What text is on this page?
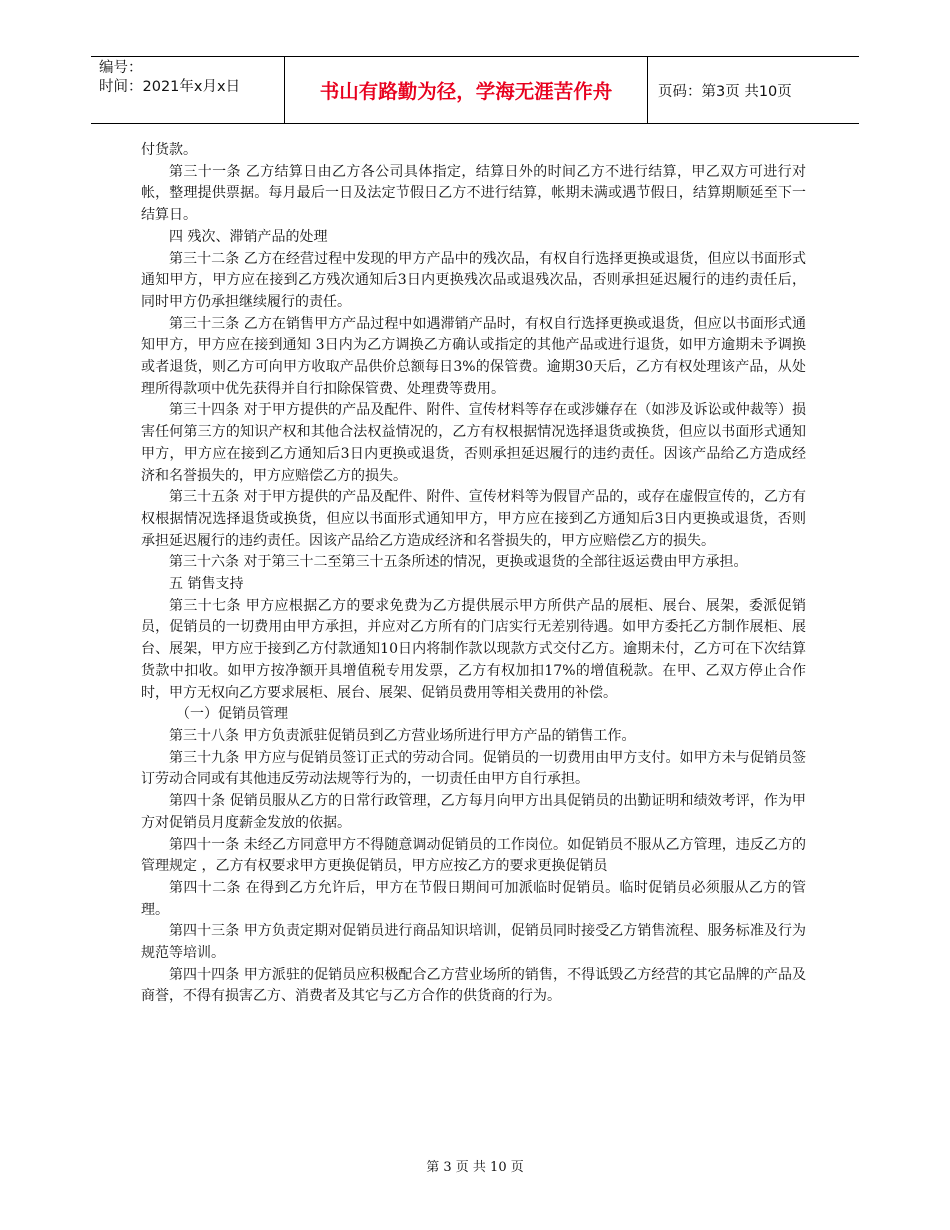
编号：
时间：2021年x月x日	书山有路勤为径，学海无涯苦作舟	页码：第3页 共10页

付货款。

第三十一条 乙方结算日由乙方各公司具体指定，结算日外的时间乙方不进行结算，甲乙双方可进行对帐，整理提供票据。每月最后一日及法定节假日乙方不进行结算，帐期未满或遇节假日，结算期顺延至下一结算日。

四 残次、滞销产品的处理

第三十二条 乙方在经营过程中发现的甲方产品中的残次品，有权自行选择更换或退货，但应以书面形式通知甲方，甲方应在接到乙方残次通知后3日内更换残次品或退残次品，否则承担延迟履行的违约责任后，同时甲方仍承担继续履行的责任。

第三十三条 乙方在销售甲方产品过程中如遇滞销产品时，有权自行选择更换或退货，但应以书面形式通知甲方，甲方应在接到通知 3日内为乙方调换乙方确认或指定的其他产品或进行退货，如甲方逾期未予调换或者退货，则乙方可向甲方收取产品供价总额每日3%的保管费。逾期30天后，乙方有权处理该产品，从处理所得款项中优先获得并自行扣除保管费、处理费等费用。

第三十四条 对于甲方提供的产品及配件、附件、宣传材料等存在或涉嫌存在（如涉及诉讼或仲裁等）损害任何第三方的知识产权和其他合法权益情况的，乙方有权根据情况选择退货或换货，但应以书面形式通知甲方，甲方应在接到乙方通知后3日内更换或退货，否则承担延迟履行的违约责任。因该产品给乙方造成经济和名誉损失的，甲方应赔偿乙方的损失。

第三十五条 对于甲方提供的产品及配件、附件、宣传材料等为假冒产品的，或存在虚假宣传的，乙方有权根据情况选择退货或换货，但应以书面形式通知甲方，甲方应在接到乙方通知后3日内更换或退货，否则承担延迟履行的违约责任。因该产品给乙方造成经济和名誉损失的，甲方应赔偿乙方的损失。

第三十六条 对于第三十二至第三十五条所述的情况，更换或退货的全部往返运费由甲方承担。

五 销售支持

第三十七条 甲方应根据乙方的要求免费为乙方提供展示甲方所供产品的展柜、展台、展架，委派促销员，促销员的一切费用由甲方承担，并应对乙方所有的门店实行无差别待遇。如甲方委托乙方制作展柜、展台、展架，甲方应于接到乙方付款通知10日内将制作款以现款方式交付乙方。逾期未付，乙方可在下次结算货款中扣收。如甲方按净额开具增值税专用发票，乙方有权加扣17%的增值税款。在甲、乙双方停止合作时，甲方无权向乙方要求展柜、展台、展架、促销员费用等相关费用的补偿。

（一）促销员管理

第三十八条 甲方负责派驻促销员到乙方营业场所进行甲方产品的销售工作。

第三十九条 甲方应与促销员签订正式的劳动合同。促销员的一切费用由甲方支付。如甲方未与促销员签订劳动合同或有其他违反劳动法规等行为的，一切责任由甲方自行承担。

第四十条 促销员服从乙方的日常行政管理，乙方每月向甲方出具促销员的出勤证明和绩效考评，作为甲方对促销员月度薪金发放的依据。

第四十一条 未经乙方同意甲方不得随意调动促销员的工作岗位。如促销员不服从乙方管理，违反乙方的管理规定 ，乙方有权要求甲方更换促销员，甲方应按乙方的要求更换促销员

第四十二条 在得到乙方允许后，甲方在节假日期间可加派临时促销员。临时促销员必须服从乙方的管理。

第四十三条 甲方负责定期对促销员进行商品知识培训，促销员同时接受乙方销售流程、服务标准及行为规范等培训。

第四十四条 甲方派驻的促销员应积极配合乙方营业场所的销售，不得诋毁乙方经营的其它品牌的产品及商誉，不得有损害乙方、消费者及其它与乙方合作的供货商的行为。

第 3 页 共 10 页
